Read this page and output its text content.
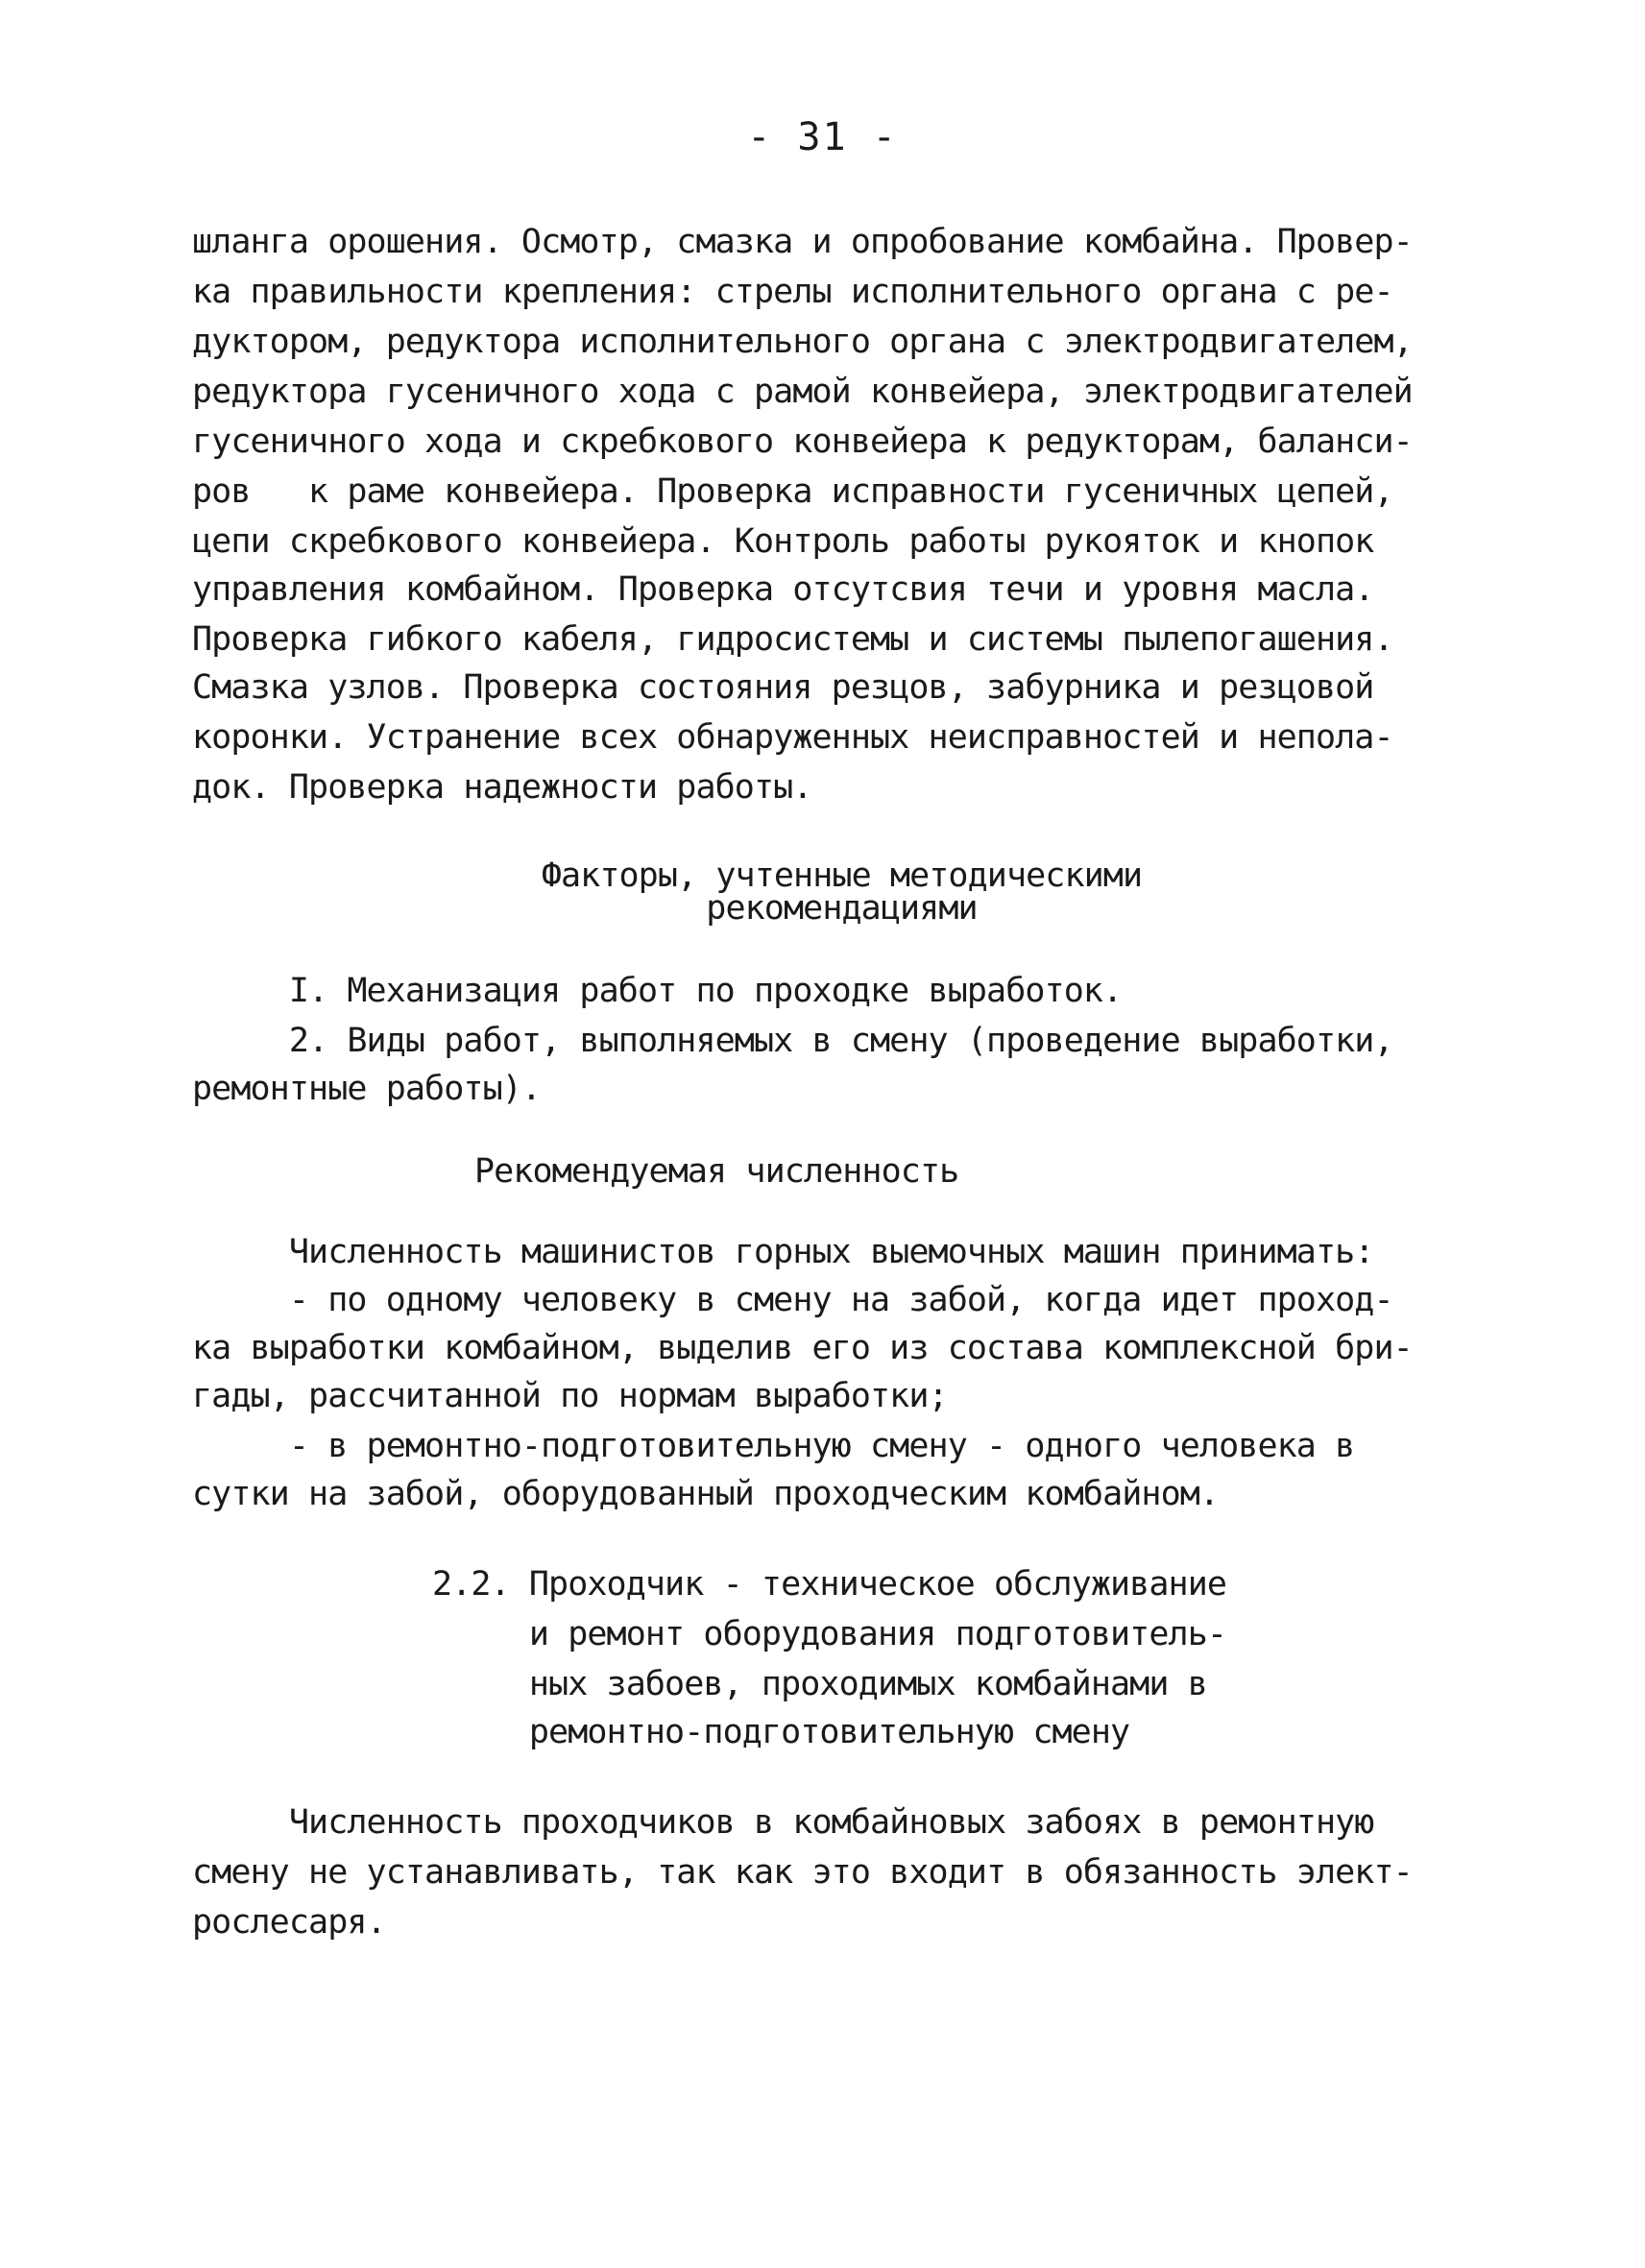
- 31 -

шланга орошения. Осмотр, смазка и опробование комбайна. Провер-

ка правильности крепления: стрелы исполнительного органа с ре-

дуктором, редуктора исполнительного органа с электродвигателем,

редуктора гусеничного хода с рамой конвейера, электродвигателей

гусеничного хода и скребкового конвейера к редукторам, баланси-

ров   к раме конвейера. Проверка исправности гусеничных цепей,

цепи скребкового конвейера. Контроль работы рукояток и кнопок

управления комбайном. Проверка отсутсвия течи и уровня масла.

Проверка гибкого кабеля, гидросистемы и системы пылепогашения.

Смазка узлов. Проверка состояния резцов, забурника и резцовой

коронки. Устранение всех обнаруженных неисправностей и непола-

док. Проверка надежности работы.

Факторы, учтенные методическими

рекомендациями

I. Механизация работ по проходке выработок.

2. Виды работ, выполняемых в смену (проведение выработки,

ремонтные работы).

Рекомендуемая численность

Численность машинистов горных выемочных машин принимать:

- по одному человеку в смену на забой, когда идет проход-

ка выработки комбайном, выделив его из состава комплексной бри-

гады, рассчитанной по нормам выработки;

- в ремонтно-подготовительную смену - одного человека в

сутки на забой, оборудованный проходческим комбайном.

2.2. Проходчик - техническое обслуживание

и ремонт оборудования подготовитель-

ных забоев, проходимых комбайнами в

ремонтно-подготовительную смену

Численность проходчиков в комбайновых забоях в ремонтную

смену не устанавливать, так как это входит в обязанность элект-

рослесаря.
